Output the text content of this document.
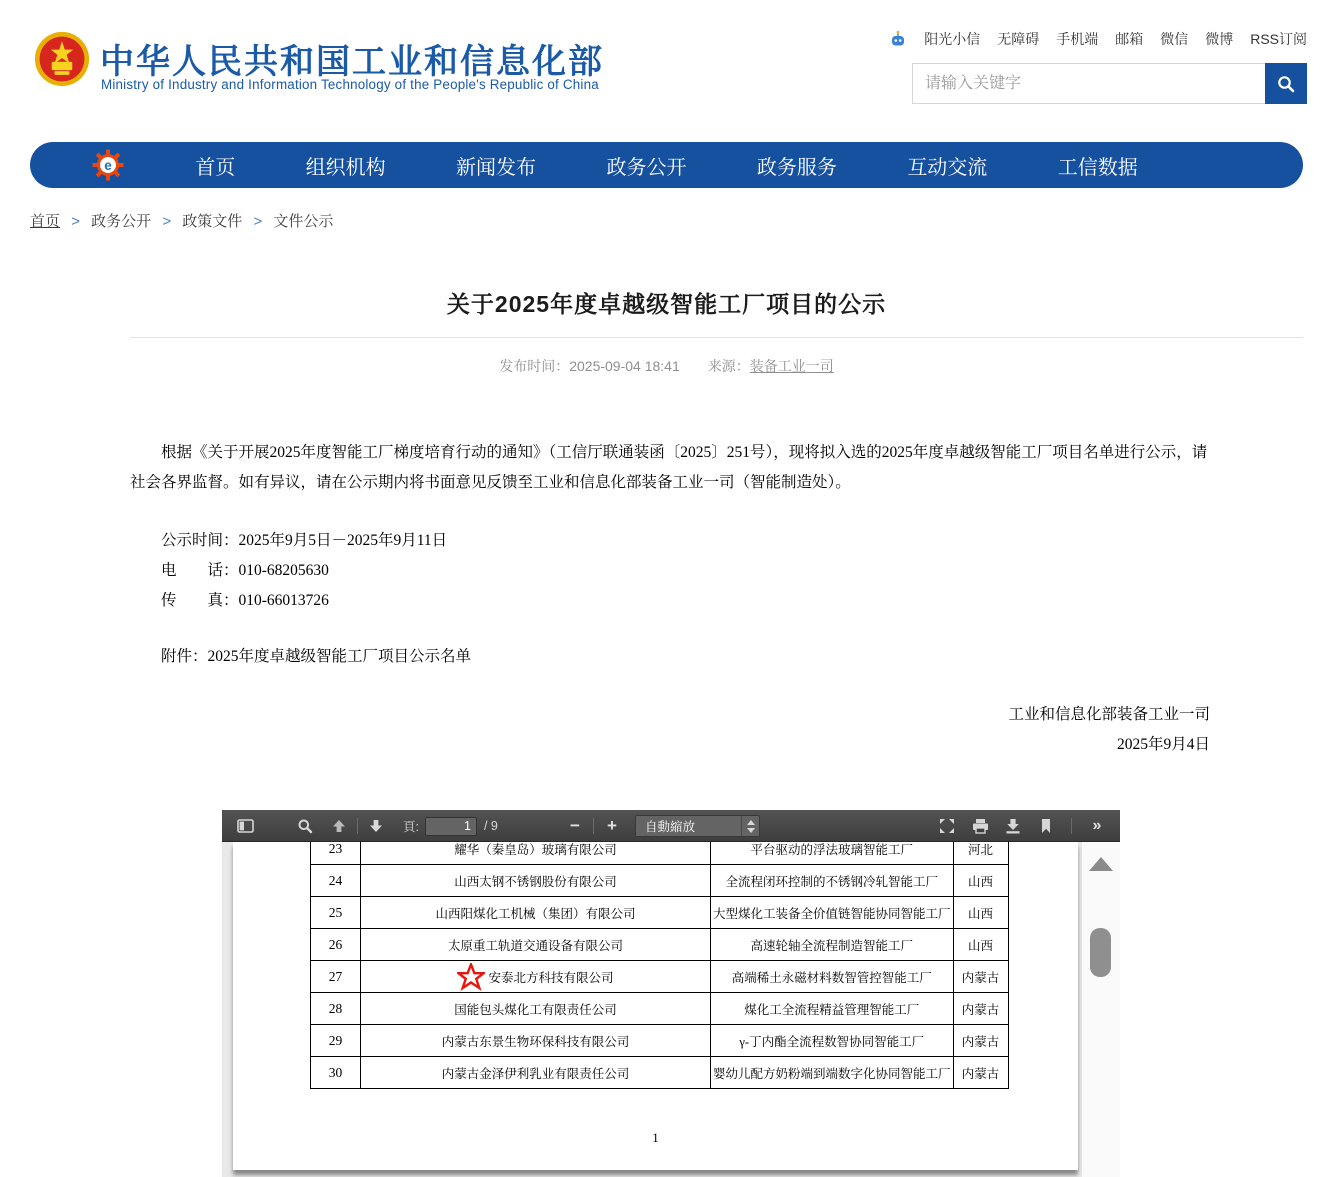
中华人民共和国工业和信息化部
Ministry of Industry and Information Technology of the People's Republic of China
阳光小信 无障碍 手机端 邮箱 微信 微博 RSS订阅
请输入关键字
e	首页	组织机构	新闻发布	政务公开	政务服务	互动交流	工信数据
首页 > 政务公开 > 政策文件 > 文件公示
关于2025年度卓越级智能工厂项目的公示
发布时间：2025-09-04 18:41 来源：装备工业一司

根据《关于开展2025年度智能工厂梯度培育行动的通知》（工信厅联通装函〔2025〕251号），现将拟入选的2025年度卓越级智能工厂项目名单进行公示，请社会各界监督。如有异议，请在公示期内将书面意见反馈至工业和信息化部装备工业一司（智能制造处）。

公示时间：2025年9月5日－2025年9月11日

电　　话：010-68205630

传　　真：010-66013726

附件：2025年度卓越级智能工厂项目公示名单

工业和信息化部装备工业一司

2025年9月4日

頁:
1	/ 9	−	+	自動縮放	»
23	耀华（秦皇岛）玻璃有限公司	平台驱动的浮法玻璃智能工厂	河北
24	山西太钢不锈钢股份有限公司	全流程闭环控制的不锈钢冷轧智能工厂	山西
25	山西阳煤化工机械（集团）有限公司	大型煤化工装备全价值链智能协同智能工厂	山西
26	太原重工轨道交通设备有限公司	高速轮轴全流程制造智能工厂	山西
27	安泰北方科技有限公司	高端稀土永磁材料数智管控智能工厂	内蒙古
28	国能包头煤化工有限责任公司	煤化工全流程精益管理智能工厂	内蒙古
29	内蒙古东景生物环保科技有限公司	γ-丁内酯全流程数智协同智能工厂	内蒙古
30	内蒙古金泽伊利乳业有限责任公司	婴幼儿配方奶粉端到端数字化协同智能工厂	内蒙古
1
